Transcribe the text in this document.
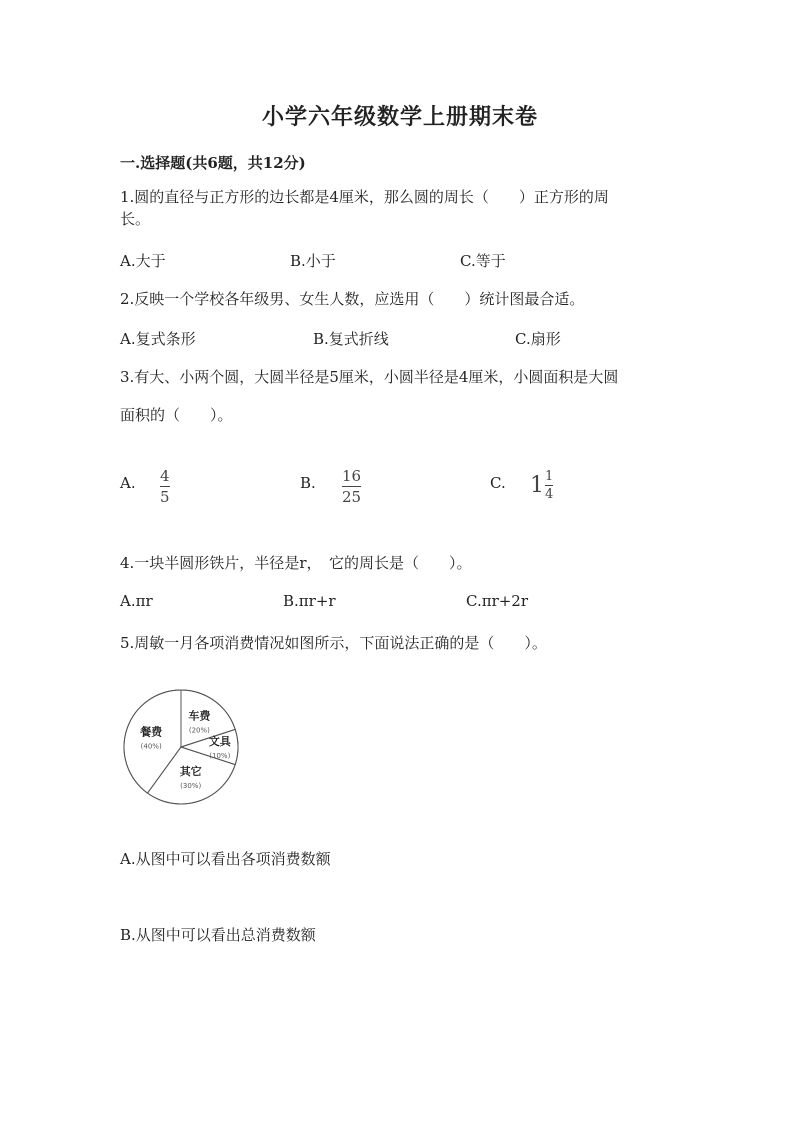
小学六年级数学上册期末卷
一.选择题(共6题，共12分)
1.圆的直径与正方形的边长都是4厘米，那么圆的周长（　　）正方形的周
长。
A.大于	B.小于	C.等于
2.反映一个学校各年级男、女生人数，应选用（　　）统计图最合适。
A.复式条形	B.复式折线	C.扇形
3.有大、小两个圆，大圆半径是5厘米，小圆半径是4厘米，小圆面积是大圆
面积的（　　）。
A. 4
5
B. 16
25
C. $1 \frac{1}{4}$
4.一块半圆形铁片，半径是r，　它的周长是（　　）。
A.πr	B.πr+r	C.πr+2r
5.周敏一月各项消费情况如图所示，下面说法正确的是（　　）。
车费
(20%)
文具
(10%)
其它
(30%)
餐费
(40%)
A.从图中可以看出各项消费数额
B.从图中可以看出总消费数额
